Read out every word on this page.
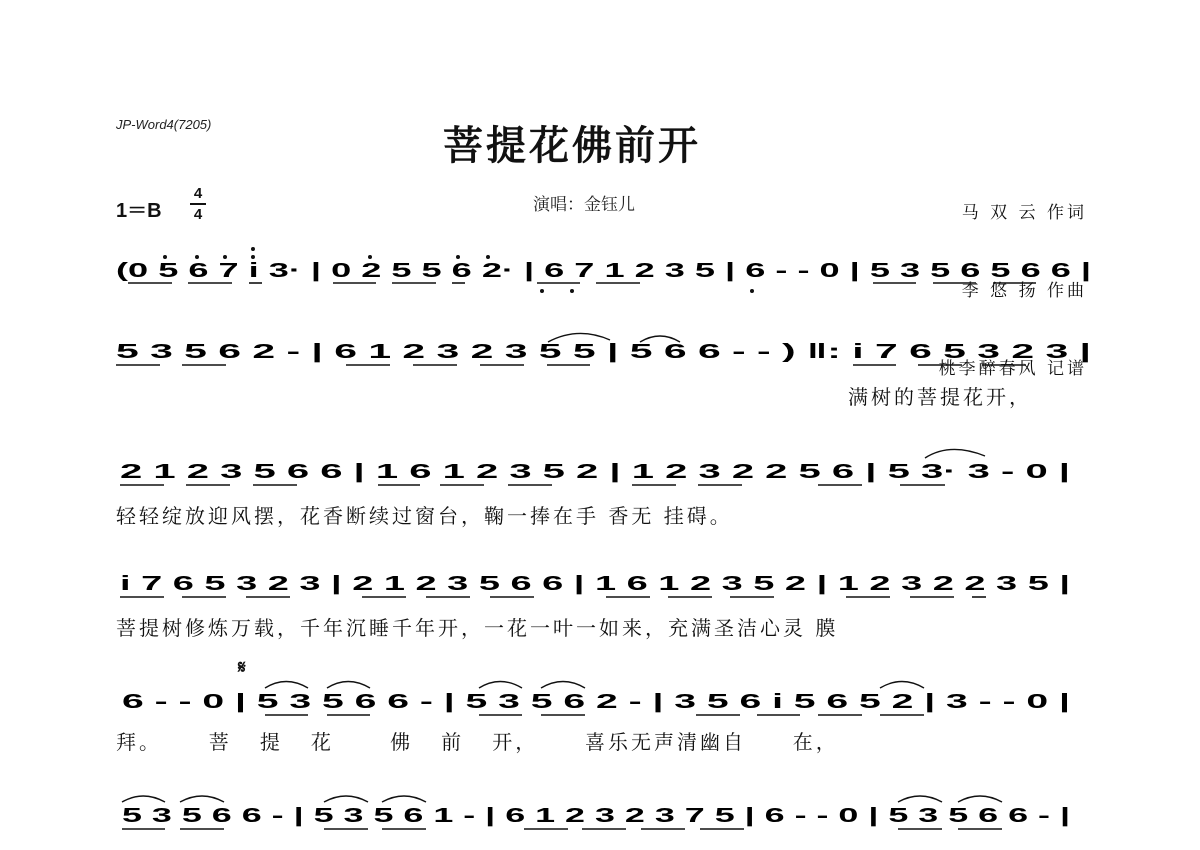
JP-Word4(7205)	菩提花佛前开

马 双 云 作词

李 悠 扬 作曲

桃李醉春风 记谱

1＝B
4
4	演唱：金钰儿
(0 5 6 7 i 3· | 0 2 5 5 6 2· | 6 7 1 2 3 5 | 6 - - 0 | 5 3 5 6 5 6 6 |
5 3 5 6 2 - | 6 1 2 3 2 3 5 5 | 5 6 6 - - ) ‖: i 7 6 5 3 2 3 |
满树的菩提花开，
2 1 2 3 5 6 6 | 1 6 1 2 3 5 2 | 1 2 3 2 2 5 6 | 5 3· 3 - 0 |
轻轻绽放迎风摆，花香断续过窗台，鞠一捧在手 香无 挂碍。
i 7 6 5 3 2 3 | 2 1 2 3 5 6 6 | 1 6 1 2 3 5 2 | 1 2 3 2 2 3 5 |
菩提树修炼万载，千年沉睡千年开，一花一叶一如来，充满圣洁心灵 膜
𝄋
6 - - 0 | 5 3 5 6 6 - | 5 3 5 6 2 - | 3 5 6 i 5 6 5 2 | 3 - - 0 |
拜。     菩   提   花      佛   前   开，     喜乐无声清幽自     在，
5 3 5 6 6 - | 5 3 5 6 1 - | 6 1 2 3 2 3 7 5 | 6 - - 0 | 5 3 5 6 6 - |
